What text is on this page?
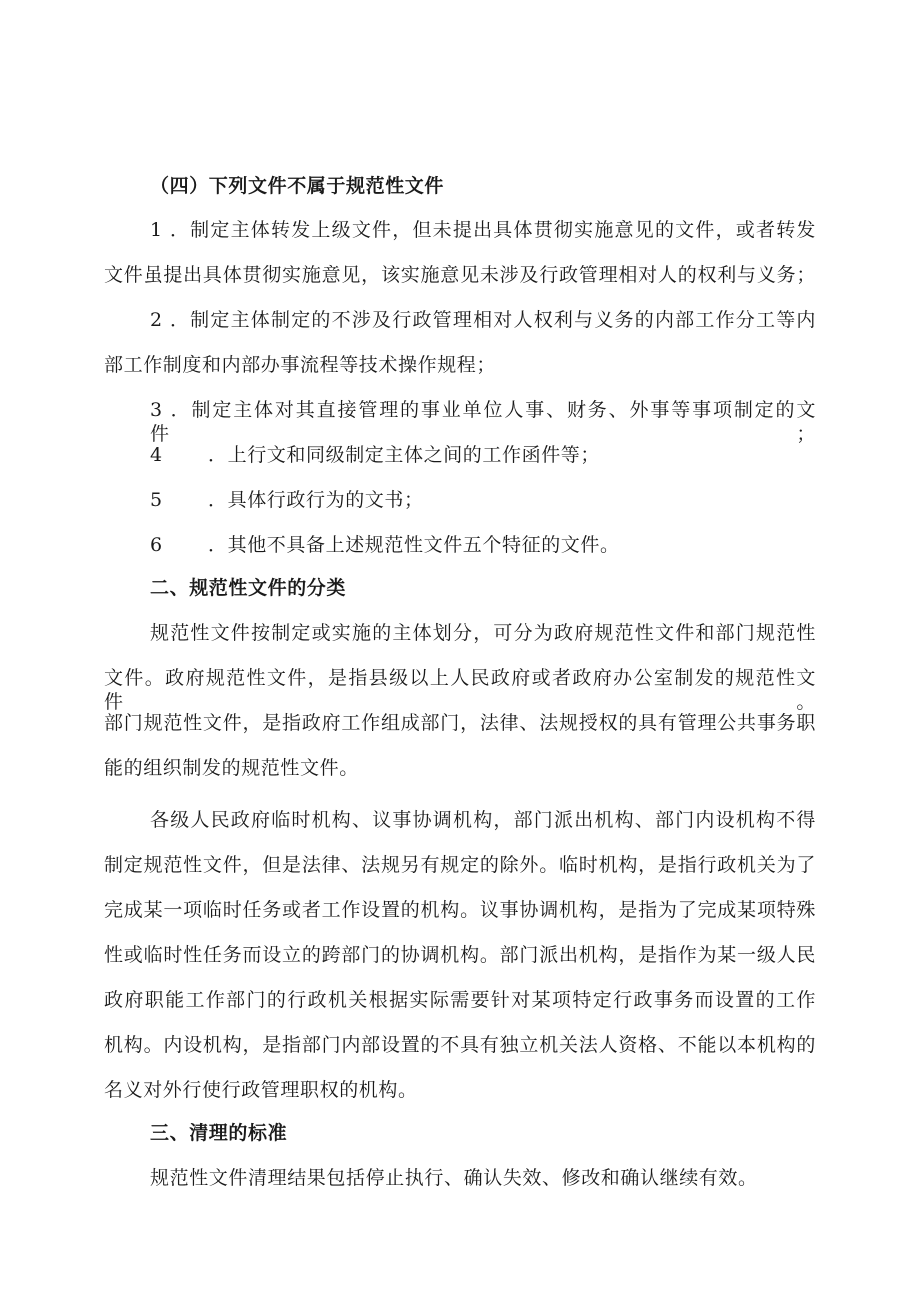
（四）下列文件不属于规范性文件
1 ．制定主体转发上级文件，但未提出具体贯彻实施意见的文件，或者转发
文件虽提出具体贯彻实施意见，该实施意见未涉及行政管理相对人的权利与义务；
2 ．制定主体制定的不涉及行政管理相对人权利与义务的内部工作分工等内
部工作制度和内部办事流程等技术操作规程；
3 ．制定主体对其直接管理的事业单位人事、财务、外事等事项制定的文件；
4 ．上行文和同级制定主体之间的工作函件等；
5 ．具体行政行为的文书；
6 ．其他不具备上述规范性文件五个特征的文件。
二、规范性文件的分类
规范性文件按制定或实施的主体划分，可分为政府规范性文件和部门规范性
文件。政府规范性文件，是指县级以上人民政府或者政府办公室制发的规范性文件。
部门规范性文件，是指政府工作组成部门，法律、法规授权的具有管理公共事务职
能的组织制发的规范性文件。
各级人民政府临时机构、议事协调机构，部门派出机构、部门内设机构不得
制定规范性文件，但是法律、法规另有规定的除外。临时机构，是指行政机关为了
完成某一项临时任务或者工作设置的机构。议事协调机构，是指为了完成某项特殊
性或临时性任务而设立的跨部门的协调机构。部门派出机构，是指作为某一级人民
政府职能工作部门的行政机关根据实际需要针对某项特定行政事务而设置的工作
机构。内设机构，是指部门内部设置的不具有独立机关法人资格、不能以本机构的
名义对外行使行政管理职权的机构。
三、清理的标准
规范性文件清理结果包括停止执行、确认失效、修改和确认继续有效。
